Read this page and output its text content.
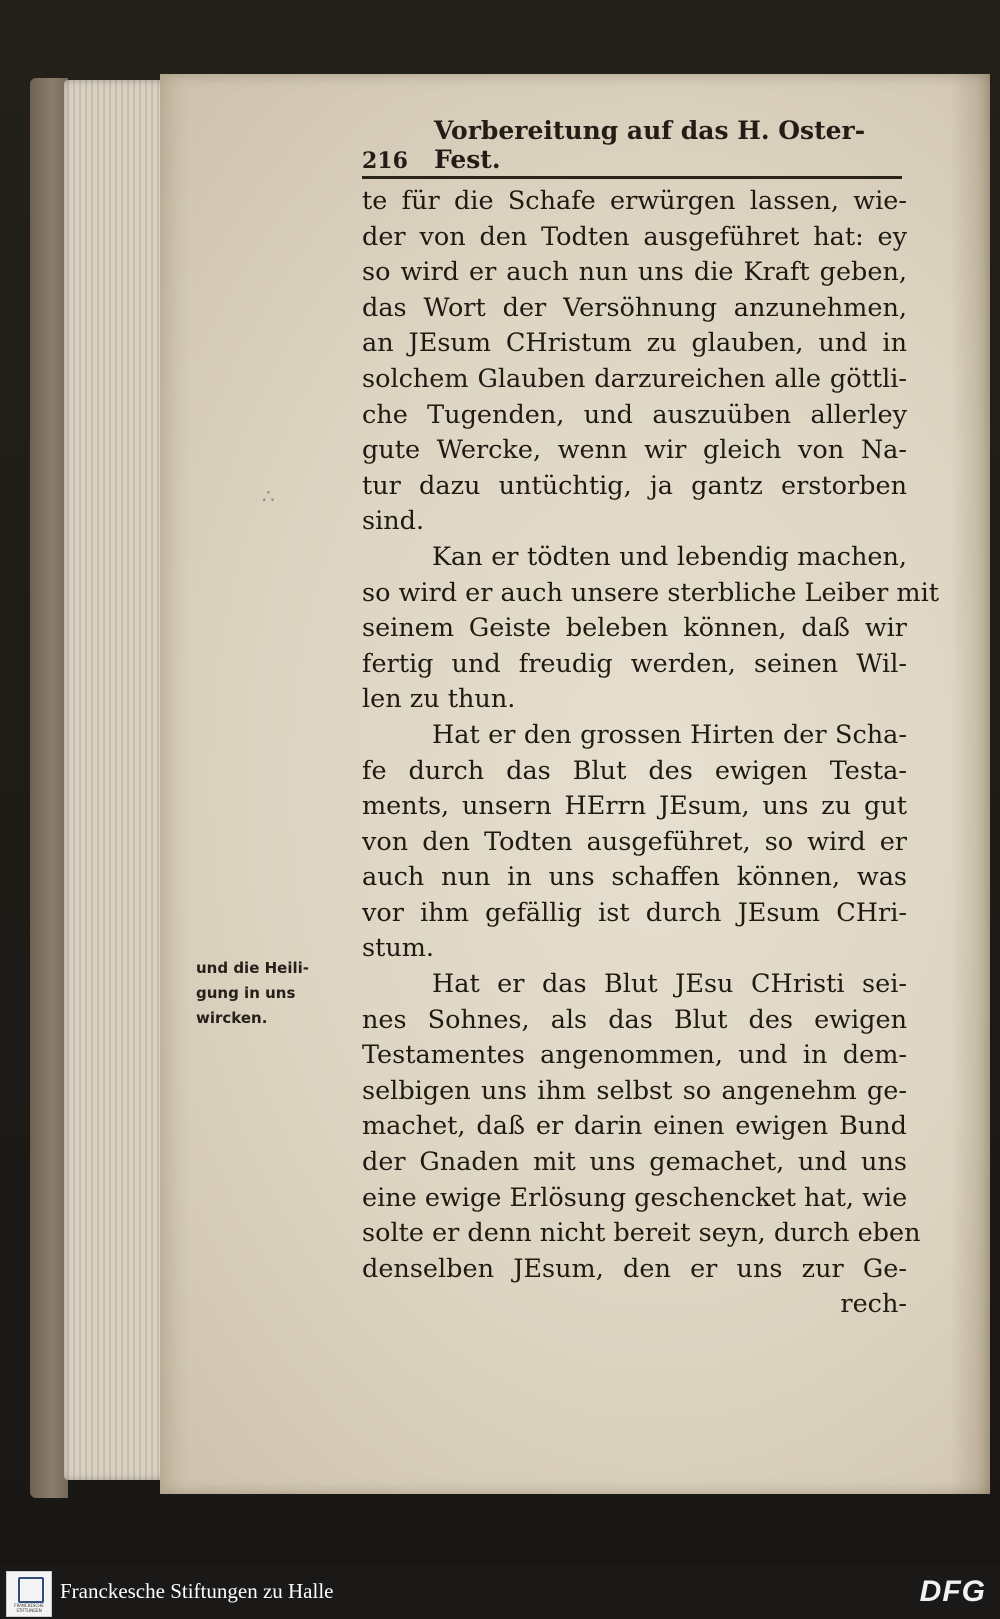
216
Vorbereitung auf das H. Oster-Fest.
∴
te für die Schafe erwürgen lassen, wie-
der von den Todten ausgeführet hat: ey
so wird er auch nun uns die Kraft geben,
das Wort der Versöhnung anzunehmen,
an JEsum CHristum zu glauben, und in
solchem Glauben darzureichen alle göttli-
che Tugenden, und auszuüben allerley
gute Wercke, wenn wir gleich von Na-
tur dazu untüchtig, ja gantz erstorben
sind.
Kan er tödten und lebendig machen,
so wird er auch unsere sterbliche Leiber mit
seinem Geiste beleben können, daß wir
fertig und freudig werden, seinen Wil-
len zu thun.
Hat er den grossen Hirten der Scha-
fe durch das Blut des ewigen Testa-
ments, unsern HErrn JEsum, uns zu gut
von den Todten ausgeführet, so wird er
auch nun in uns schaffen können, was
vor ihm gefällig ist durch JEsum CHri-
stum.
Hat er das Blut JEsu CHristi sei-
nes Sohnes, als das Blut des ewigen
Testamentes angenommen, und in dem-
selbigen uns ihm selbst so angenehm ge-
machet, daß er darin einen ewigen Bund
der Gnaden mit uns gemachet, und uns
eine ewige Erlösung geschencket hat, wie
solte er denn nicht bereit seyn, durch eben
denselben JEsum, den er uns zur Ge-
rech-
und die Heili-
gung in uns
wircken.
FRANCKESCHE STIFTUNGEN
Franckesche Stiftungen zu Halle	DFG
